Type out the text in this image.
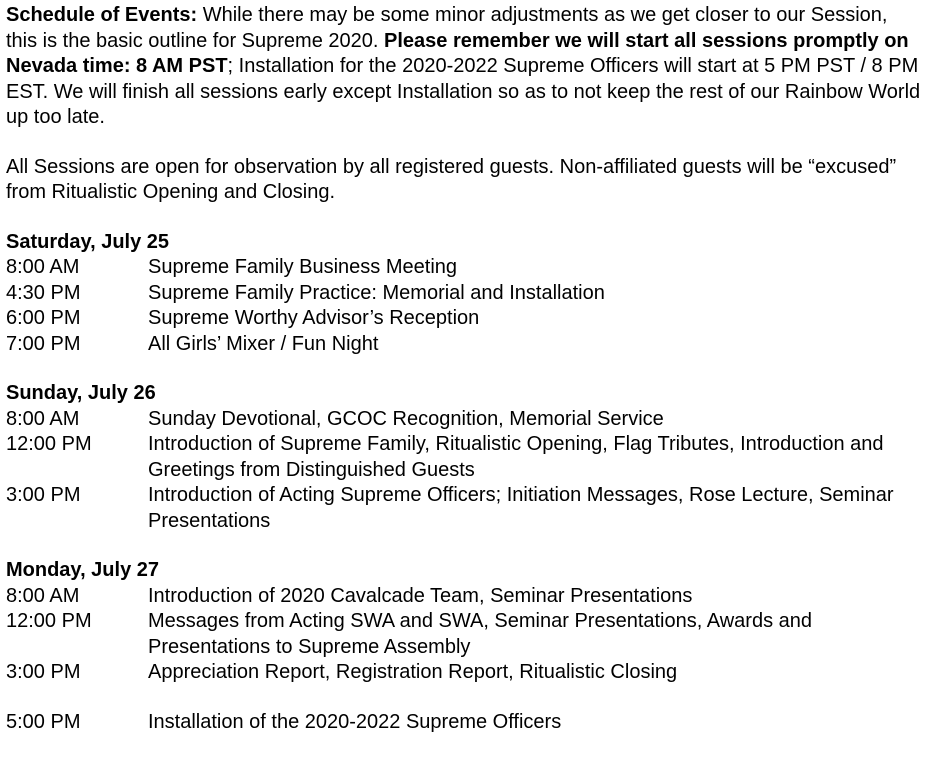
Schedule of Events: While there may be some minor adjustments as we get closer to our Session, this is the basic outline for Supreme 2020. Please remember we will start all sessions promptly on Nevada time: 8 AM PST; Installation for the 2020-2022 Supreme Officers will start at 5 PM PST / 8 PM EST. We will finish all sessions early except Installation so as to not keep the rest of our Rainbow World up too late.

All Sessions are open for observation by all registered guests. Non-affiliated guests will be “excused” from Ritualistic Opening and Closing.

Saturday, July 25
8:00 AM	Supreme Family Business Meeting
4:30 PM	Supreme Family Practice: Memorial and Installation
6:00 PM	Supreme Worthy Advisor’s Reception
7:00 PM	All Girls’ Mixer / Fun Night
Sunday, July 26
8:00 AM	Sunday Devotional, GCOC Recognition, Memorial Service
12:00 PM	Introduction of Supreme Family, Ritualistic Opening, Flag Tributes, Introduction and Greetings from Distinguished Guests
3:00 PM	Introduction of Acting Supreme Officers; Initiation Messages, Rose Lecture, Seminar Presentations
Monday, July 27
8:00 AM	Introduction of 2020 Cavalcade Team, Seminar Presentations
12:00 PM	Messages from Acting SWA and SWA, Seminar Presentations, Awards and Presentations to Supreme Assembly
3:00 PM	Appreciation Report, Registration Report, Ritualistic Closing
5:00 PM	Installation of the 2020-2022 Supreme Officers
